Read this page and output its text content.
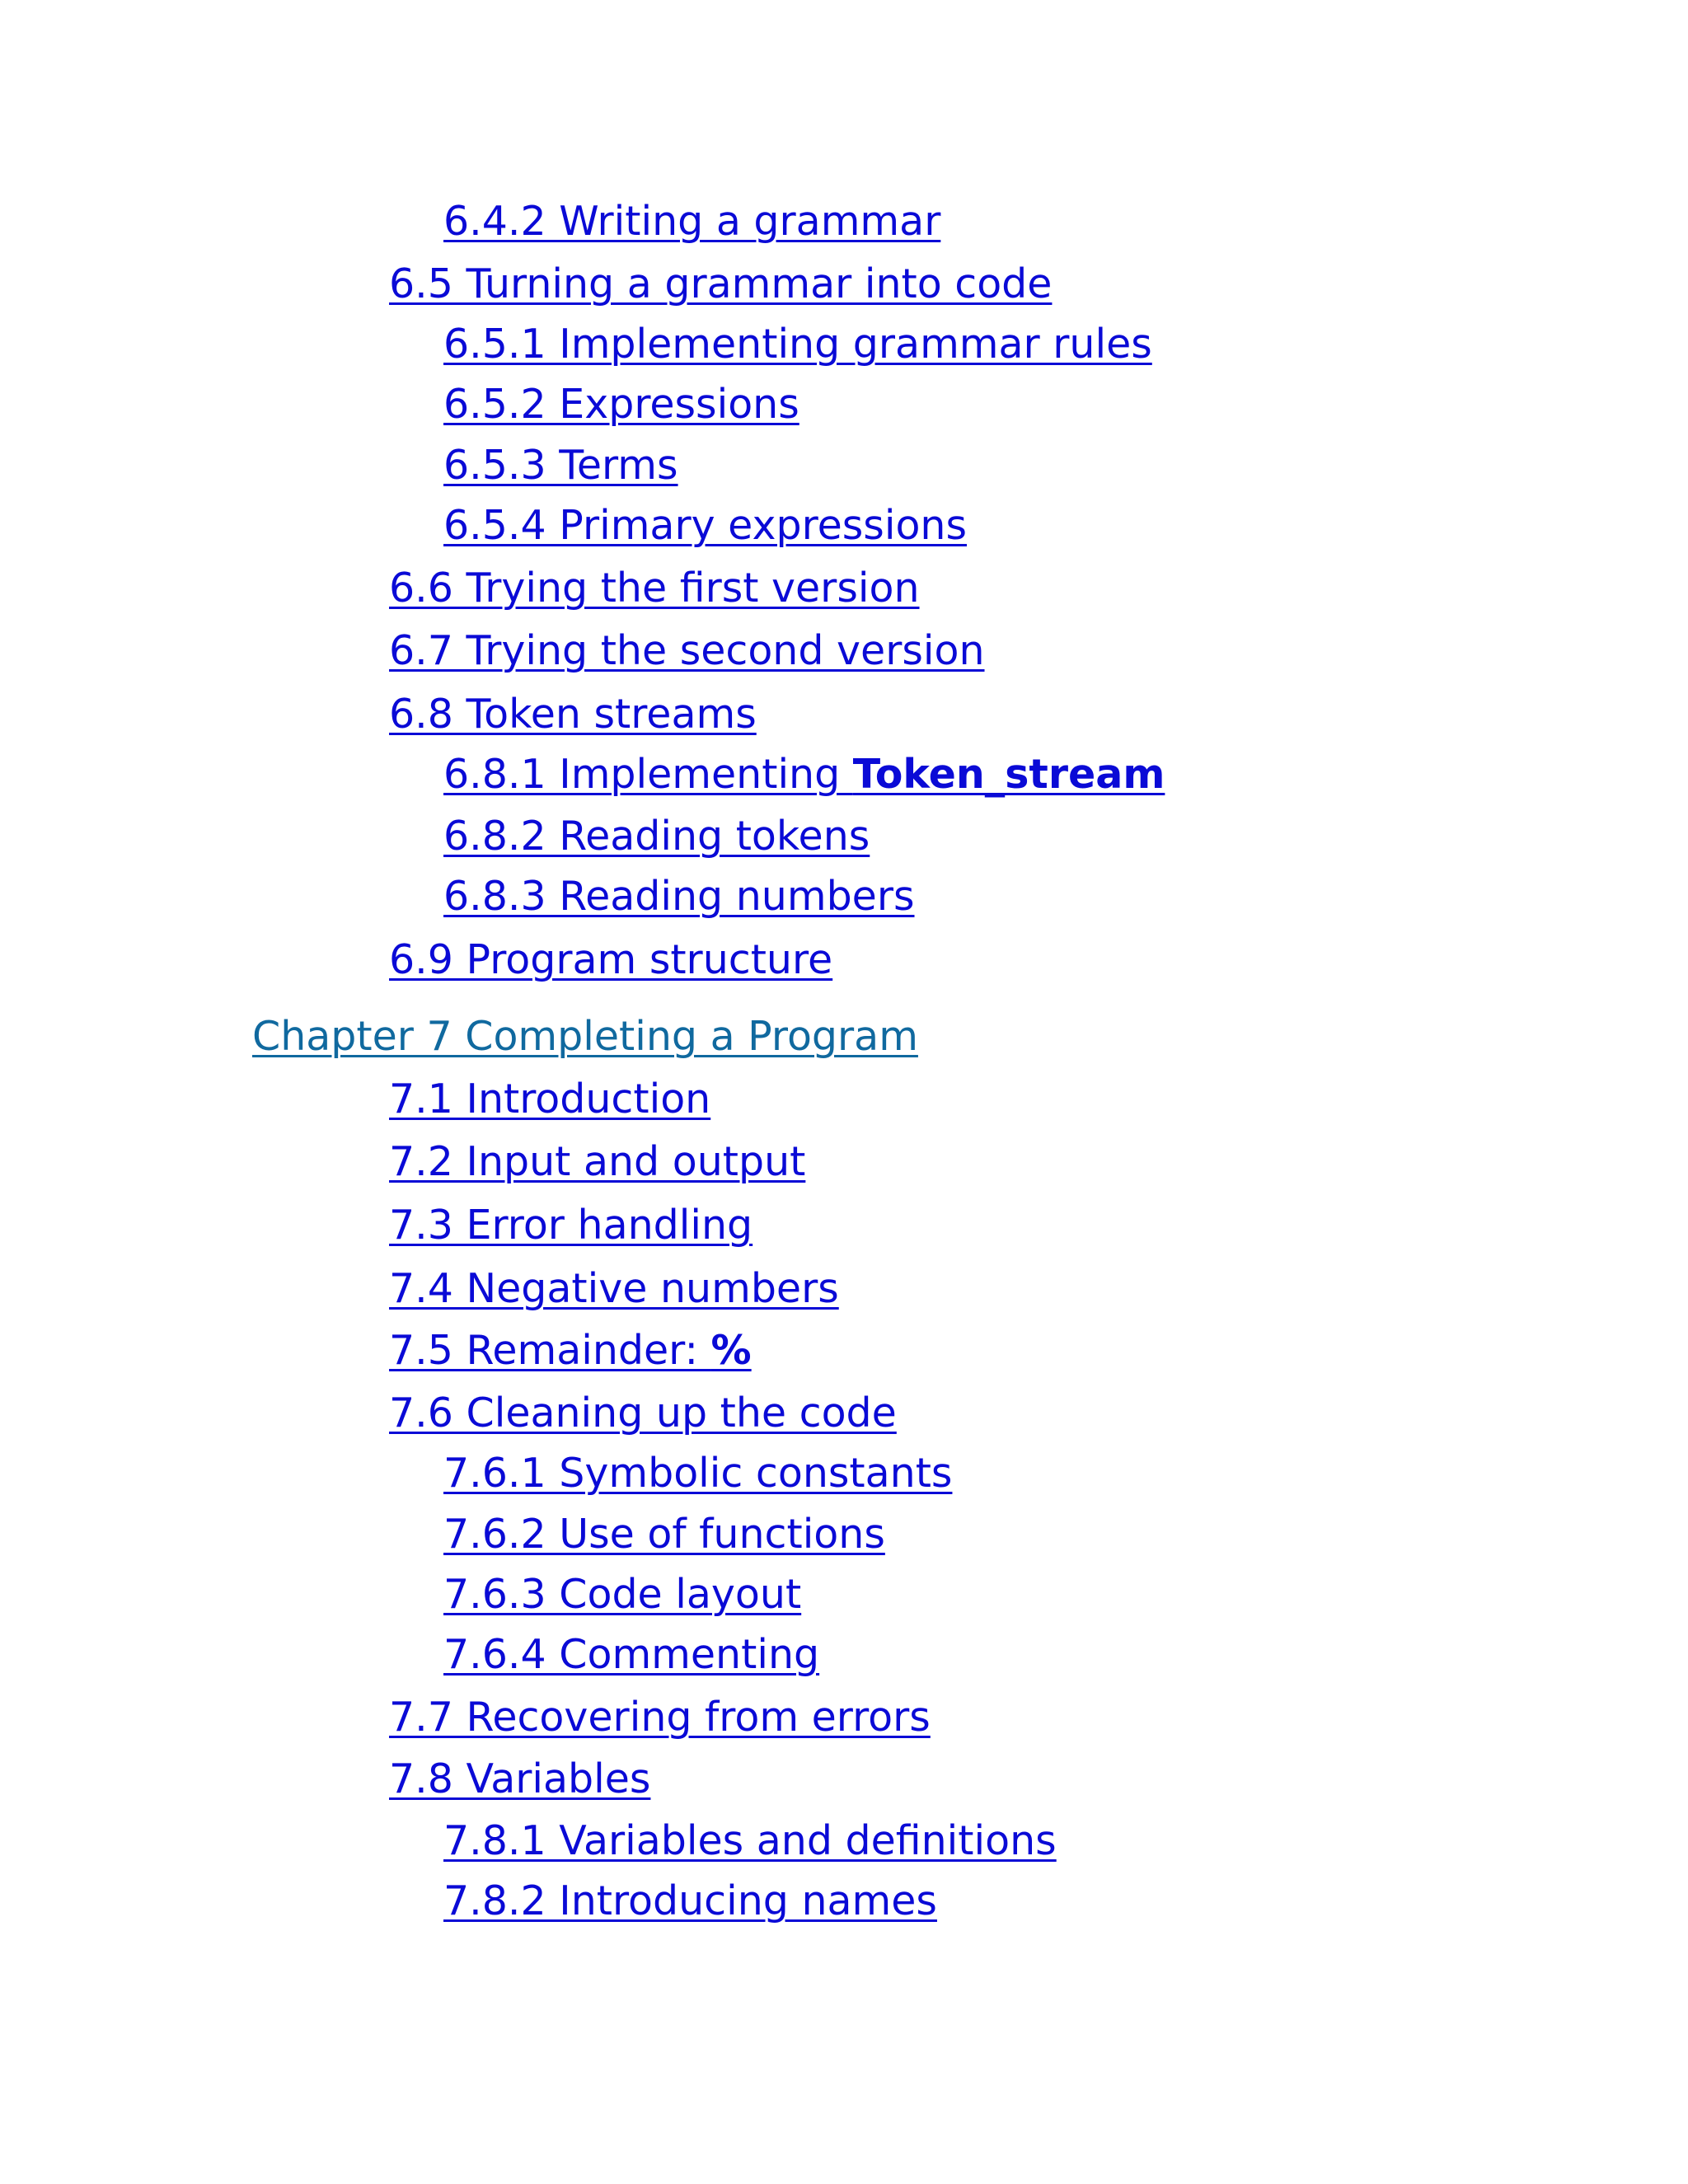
6.4.2 Writing a grammar
6.5 Turning a grammar into code
6.5.1 Implementing grammar rules
6.5.2 Expressions
6.5.3 Terms
6.5.4 Primary expressions
6.6 Trying the first version
6.7 Trying the second version
6.8 Token streams
6.8.1 Implementing Token_stream
6.8.2 Reading tokens
6.8.3 Reading numbers
6.9 Program structure
Chapter 7 Completing a Program
7.1 Introduction
7.2 Input and output
7.3 Error handling
7.4 Negative numbers
7.5 Remainder: %
7.6 Cleaning up the code
7.6.1 Symbolic constants
7.6.2 Use of functions
7.6.3 Code layout
7.6.4 Commenting
7.7 Recovering from errors
7.8 Variables
7.8.1 Variables and definitions
7.8.2 Introducing names
